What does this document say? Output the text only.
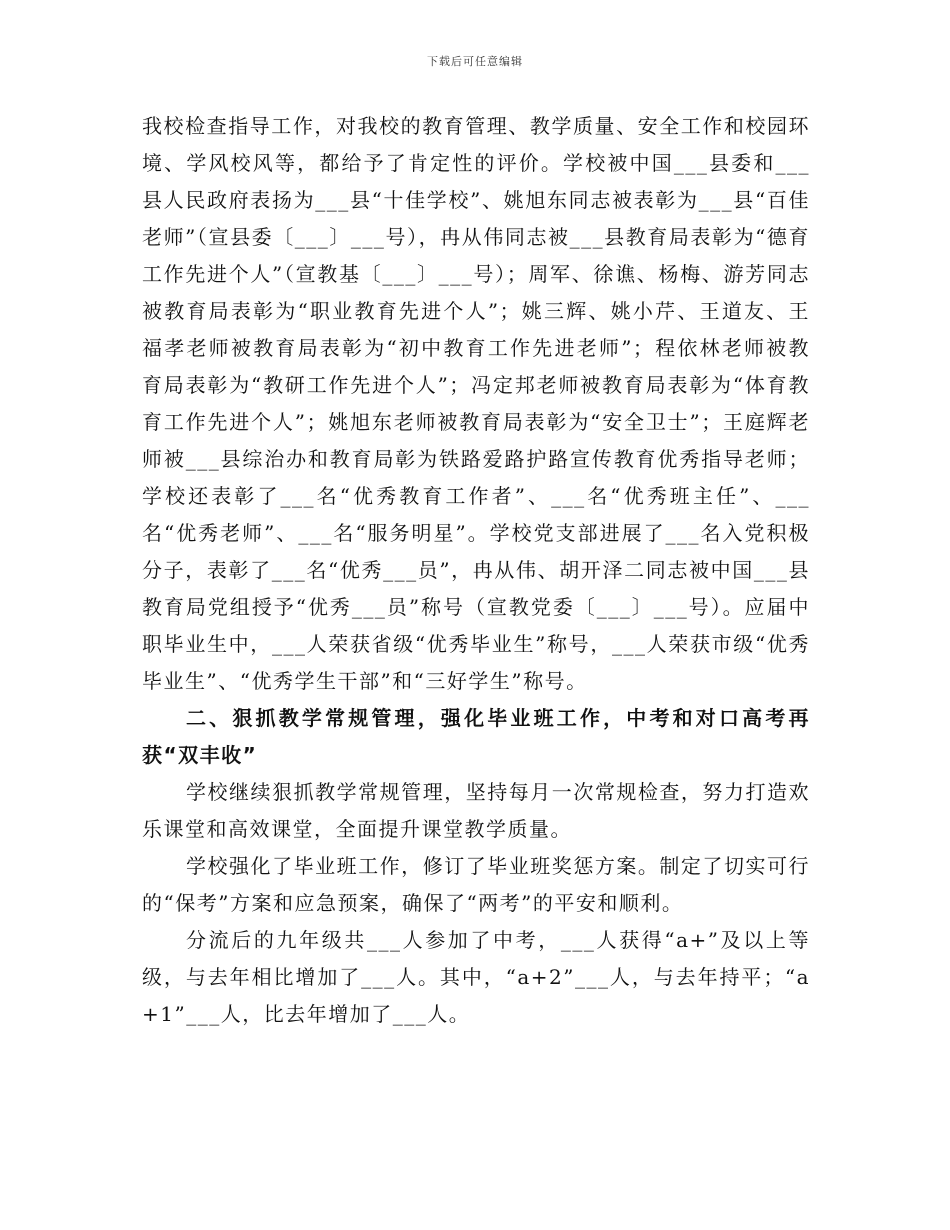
下载后可任意编辑

我校检查指导工作，对我校的教育管理、教学质量、安全工作和校园环境、学风校风等，都给予了肯定性的评价。学校被中国___县委和___县人民政府表扬为___县“十佳学校”、姚旭东同志被表彰为___县“百佳老师”（宣县委〔___〕___号），冉从伟同志被___县教育局表彰为“德育工作先进个人”（宣教基〔___〕___号）；周军、徐谯、杨梅、游芳同志被教育局表彰为“职业教育先进个人”；姚三辉、姚小芹、王道友、王福孝老师被教育局表彰为“初中教育工作先进老师”；程依林老师被教育局表彰为“教研工作先进个人”；冯定邦老师被教育局表彰为“体育教育工作先进个人”；姚旭东老师被教育局表彰为“安全卫士”；王庭辉老师被___县综治办和教育局彰为铁路爱路护路宣传教育优秀指导老师；学校还表彰了___名“优秀教育工作者”、___名“优秀班主任”、___名“优秀老师”、___名“服务明星”。学校党支部进展了___名入党积极分子，表彰了___名“优秀___员”，冉从伟、胡开泽二同志被中国___县教育局党组授予“优秀___员”称号（宣教党委〔___〕___号）。应届中职毕业生中，___人荣获省级“优秀毕业生”称号，___人荣获市级“优秀毕业生”、“优秀学生干部”和“三好学生”称号。

二、狠抓教学常规管理，强化毕业班工作，中考和对口高考再获“双丰收”

学校继续狠抓教学常规管理，坚持每月一次常规检查，努力打造欢乐课堂和高效课堂，全面提升课堂教学质量。

学校强化了毕业班工作，修订了毕业班奖惩方案。制定了切实可行的“保考”方案和应急预案，确保了“两考”的平安和顺利。

分流后的九年级共___人参加了中考，___人获得“a+”及以上等级，与去年相比增加了___人。其中，“a+2”___人，与去年持平；“a+1”___人，比去年增加了___人。
